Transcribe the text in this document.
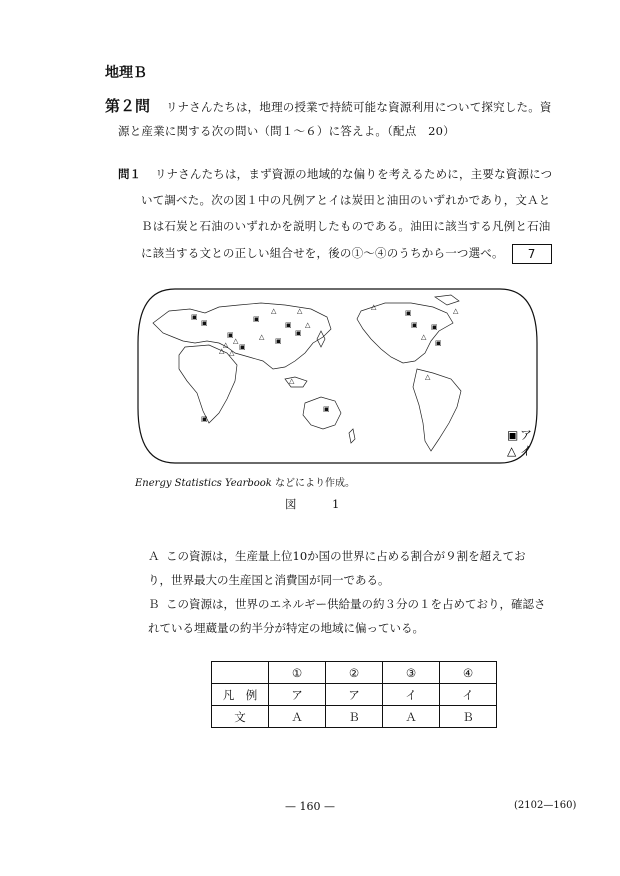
地理Ｂ
第２問 リナさんたちは，地理の授業で持続可能な資源利用について探究した。資
源と産業に関する次の問い（問１～６）に答えよ。（配点　20）
問１ リナさんたちは，まず資源の地域的な偏りを考えるために，主要な資源につ
いて調べた。次の図１中の凡例アとイは炭田と油田のいずれかであり，文Ａと
Ｂは石炭と石油のいずれかを説明したものである。油田に該当する凡例と石油
に該当する文との正しい組合せを，後の①～④のうちから一つ選べ。 7
▣
△ △
△ △
▣
▣
▣	▣
△
▣
▣
△
△
△ ▣
▣
▣
△
△
▣
▣ ▣
△
▣
△
△
▣ ア
△ イ
Energy Statistics Yearbook などにより作成。
図　1
Ａ この資源は，生産量上位10か国の世界に占める割合が９割を超えてお
り，世界最大の生産国と消費国が同一である。
Ｂ この資源は，世界のエネルギー供給量の約３分の１を占めており，確認さ
れている埋蔵量の約半分が特定の地域に偏っている。
	①	②	③	④
凡　例	ア	ア	イ	イ
文	Ａ	Ｂ	Ａ	Ｂ
— 160 —	(2102—160)
